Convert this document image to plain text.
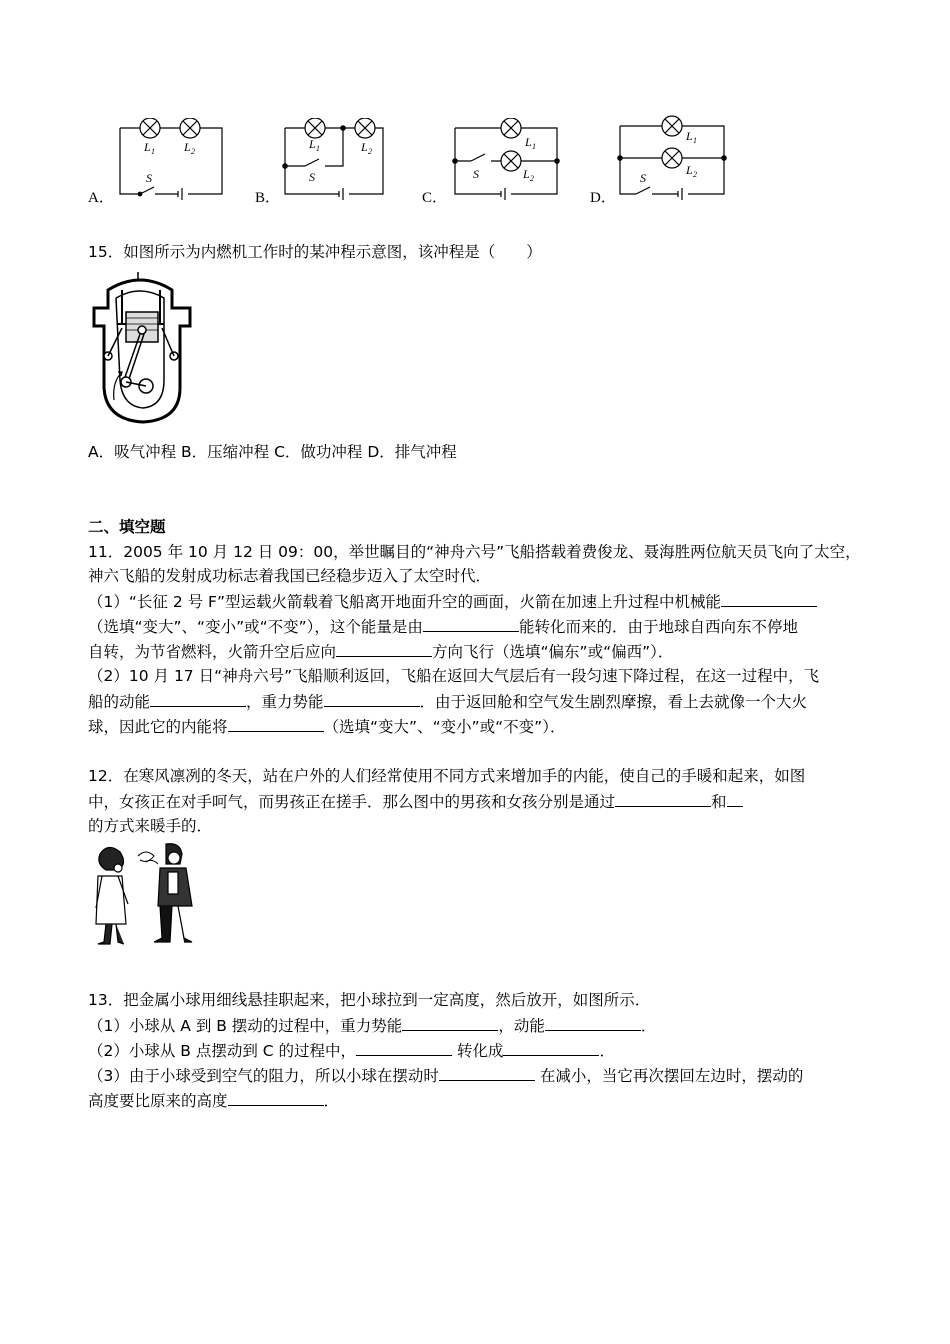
A．
L 1 L 2
S
B．
L 1	L 2
S
C．
L 1
L 2
S
D．
L 1
L 2
S
15．如图所示为内燃机工作时的某冲程示意图，该冲程是（　　）
A．吸气冲程 B．压缩冲程 C．做功冲程 D．排气冲程
二、填空题
11．2005 年 10 月 12 日 09：00，举世瞩目的“神舟六号”飞船搭载着费俊龙、聂海胜两位航天员飞向了太空，
神六飞船的发射成功标志着我国已经稳步迈入了太空时代．
（1）“长征 2 号 F”型运载火箭载着飞船离开地面升空的画面，火箭在加速上升过程中机械能
（选填“变大”、“变小”或“不变”），这个能量是由	能转化而来的．由于地球自西向东不停地
自转，为节省燃料，火箭升空后应向	方向飞行（选填“偏东”或“偏西”）．
（2）10 月 17 日“神舟六号”飞船顺利返回，飞船在返回大气层后有一段匀速下降过程，在这一过程中，飞
船的动能	，重力势能	．由于返回舱和空气发生剧烈摩擦，看上去就像一个大火
球，因此它的内能将	（选填“变大”、“变小”或“不变”）．
12．在寒风凛冽的冬天，站在户外的人们经常使用不同方式来增加手的内能，使自己的手暖和起来，如图
中，女孩正在对手呵气，而男孩正在搓手．那么图中的男孩和女孩分别是通过	和
的方式来暖手的．
13．把金属小球用细线悬挂职起来，把小球拉到一定高度，然后放开，如图所示．
（1）小球从 A 到 B 摆动的过程中，重力势能	，动能	．
（2）小球从 B 点摆动到 C 的过程中，	转化成	．
（3）由于小球受到空气的阻力，所以小球在摆动时	在减小，当它再次摆回左边时，摆动的
高度要比原来的高度	．
